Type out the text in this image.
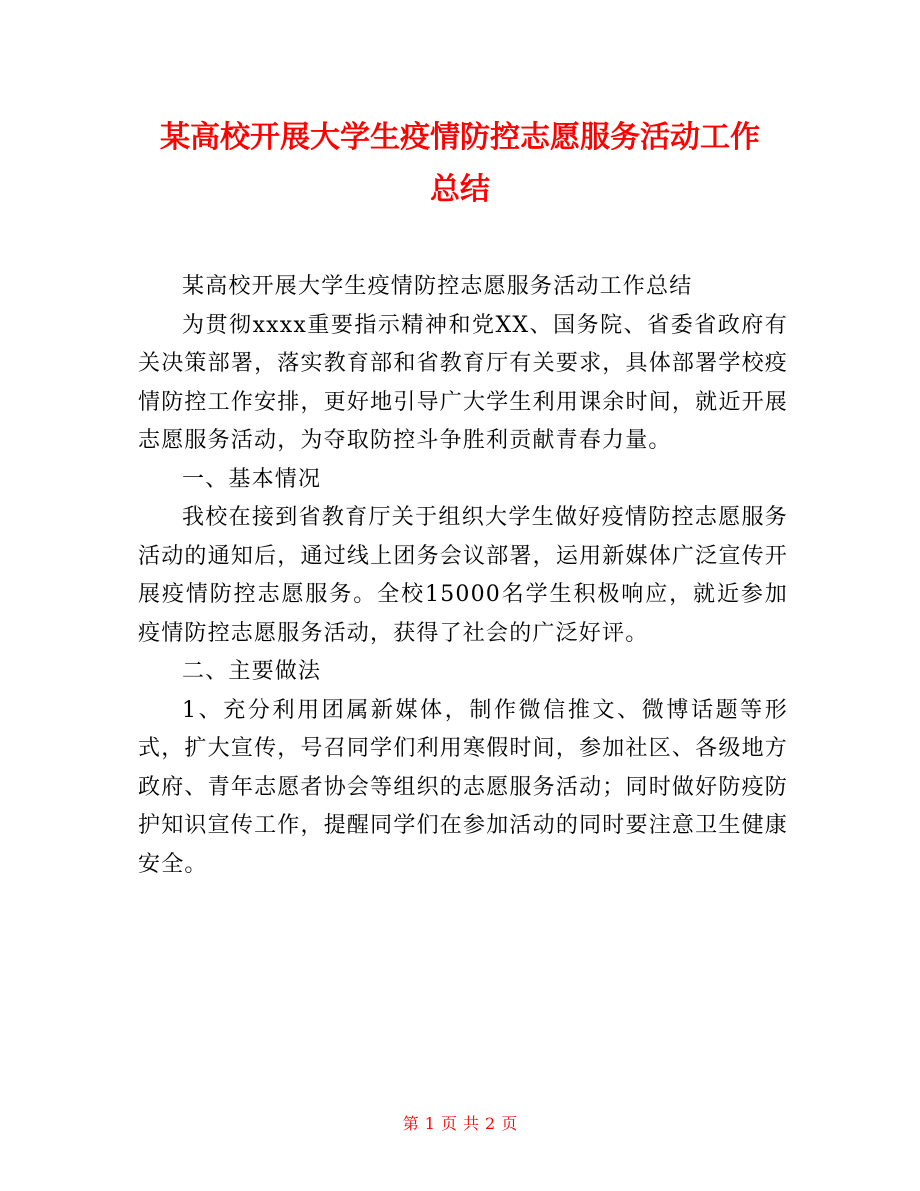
某高校开展大学生疫情防控志愿服务活动工作
总结

某高校开展大学生疫情防控志愿服务活动工作总结

为贯彻xxxx重要指示精神和党XX、国务院、省委省政府有关决策部署，落实教育部和省教育厅有关要求，具体部署学校疫情防控工作安排，更好地引导广大学生利用课余时间，就近开展志愿服务活动，为夺取防控斗争胜利贡献青春力量。

一、基本情况

我校在接到省教育厅关于组织大学生做好疫情防控志愿服务活动的通知后，通过线上团务会议部署，运用新媒体广泛宣传开展疫情防控志愿服务。全校15000名学生积极响应，就近参加疫情防控志愿服务活动，获得了社会的广泛好评。

二、主要做法

1、充分利用团属新媒体，制作微信推文、微博话题等形式，扩大宣传，号召同学们利用寒假时间，参加社区、各级地方政府、青年志愿者协会等组织的志愿服务活动；同时做好防疫防护知识宣传工作，提醒同学们在参加活动的同时要注意卫生健康安全。

第 1 页 共 2 页
